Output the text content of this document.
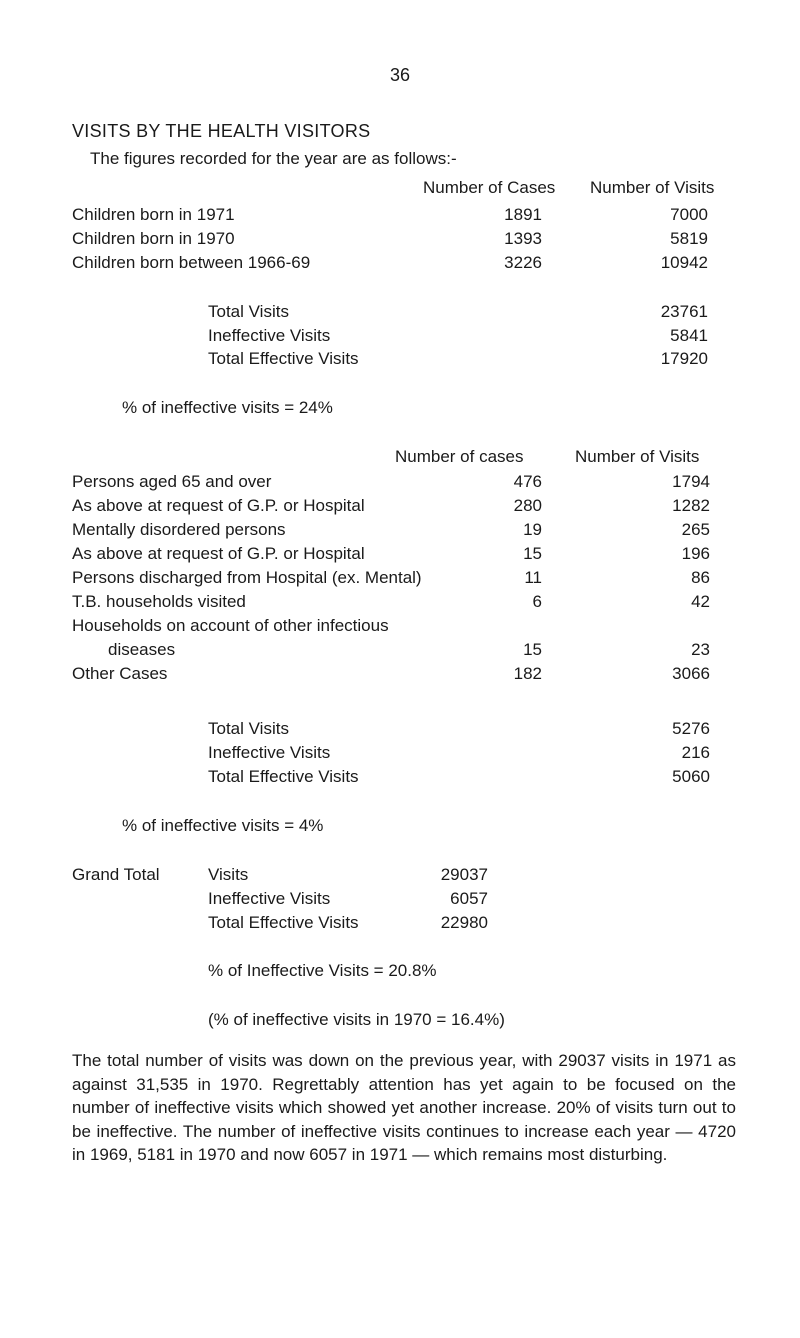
36
VISITS BY THE HEALTH VISITORS
The figures recorded for the year are as follows:-
Number of Cases Number of Visits
Children born in 1971	1891	7000
Children born in 1970	1393	5819
Children born between 1966-69	3226	10942
Total Visits	23761
Ineffective Visits	5841
Total Effective Visits	17920
% of ineffective visits = 24%
Number of cases	Number of Visits
Persons aged 65 and over	476	1794
As above at request of G.P. or Hospital	280	1282
Mentally disordered persons	19	265
As above at request of G.P. or Hospital	15	196
Persons discharged from Hospital (ex. Mental)	11	86
T.B. households visited	6	42
Households on account of other infectious
diseases	15	23
Other Cases	182	3066
Total Visits	5276
Ineffective Visits	216
Total Effective Visits	5060
% of ineffective visits = 4%
Grand Total	Visits	29037
Ineffective Visits	6057
Total Effective Visits	22980
% of Ineffective Visits = 20.8%
(% of ineffective visits in 1970 = 16.4%)
The total number of visits was down on the previous year, with 29037 visits in 1971 as against 31,535 in 1970. Regrettably attention has yet again to be focused on the number of ineffective visits which showed yet another increase. 20% of visits turn out to be ineffective. The number of ineffective visits continues to increase each year — 4720 in 1969, 5181 in 1970 and now 6057 in 1971 — which remains most disturbing.
